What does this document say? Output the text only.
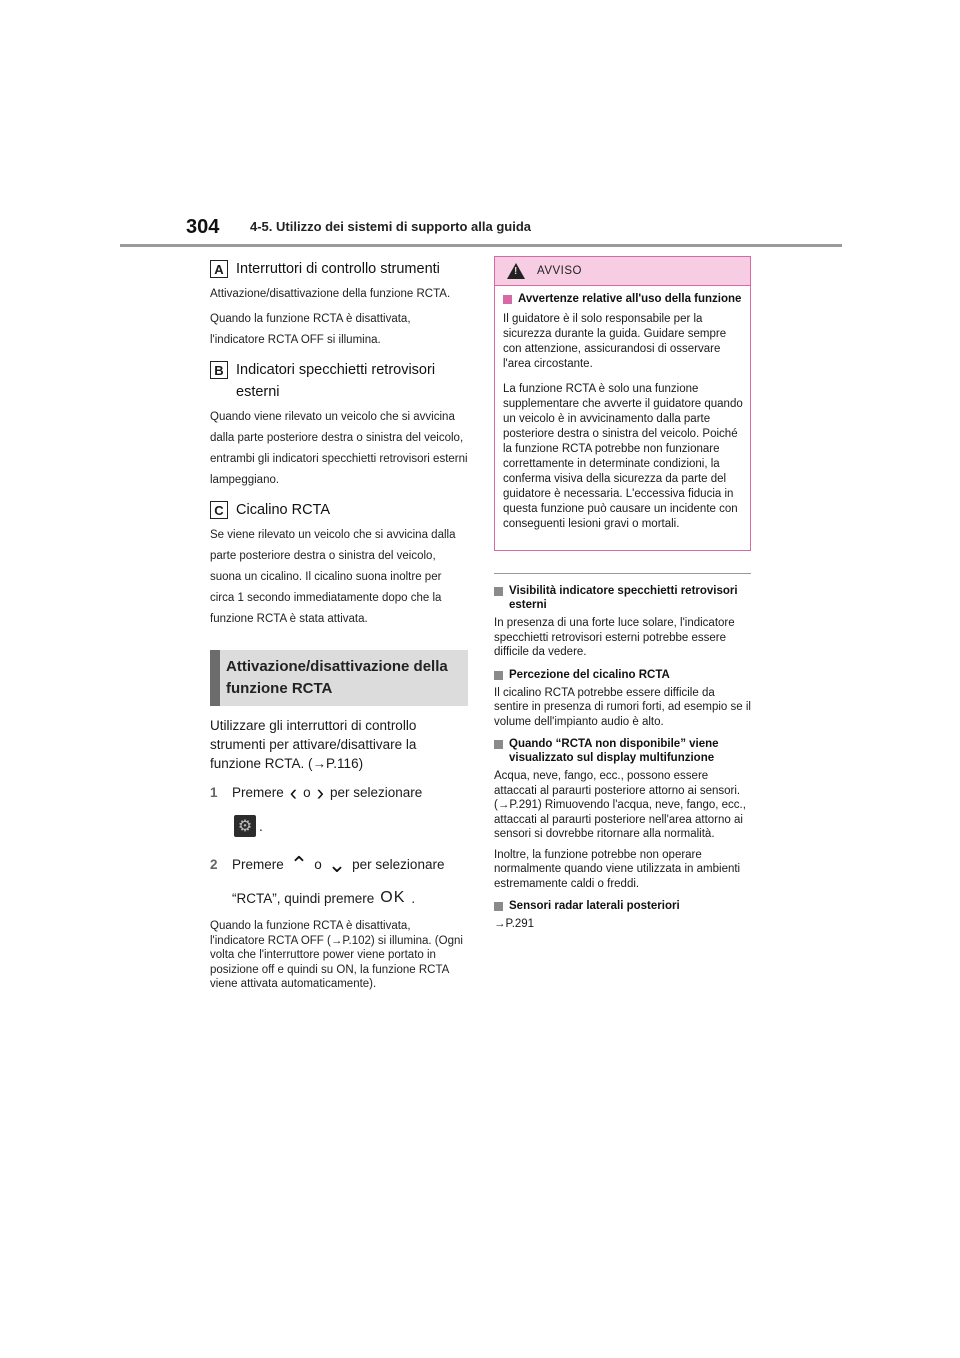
304 4-5. Utilizzo dei sistemi di supporto alla guida
A Interruttori di controllo strumenti

Attivazione/disattivazione della funzione RCTA.

Quando la funzione RCTA è disattivata, l'indicatore RCTA OFF si illumina.

B Indicatori specchietti retrovisori esterni

Quando viene rilevato un veicolo che si avvicina dalla parte posteriore destra o sinistra del veicolo, entrambi gli indicatori specchietti retrovisori esterni lampeggiano.

C Cicalino RCTA

Se viene rilevato un veicolo che si avvicina dalla parte posteriore destra o sinistra del veicolo, suona un cicalino. Il cicalino suona inoltre per circa 1 secondo immediatamente dopo che la funzione RCTA è stata attivata.

Attivazione/disattivazione della funzione RCTA
Utilizzare gli interruttori di controllo strumenti per attivare/disattivare la funzione RCTA. (→P.116)
1	Premere ‹ o › per selezionare
⚙ .
2	Premere ⌃ o ⌄ per selezionare
“RCTA”, quindi premere OK .
Quando la funzione RCTA è disattivata, l'indicatore RCTA OFF (→P.102) si illumina. (Ogni volta che l'interruttore power viene portato in posizione off e quindi su ON, la funzione RCTA viene attivata automaticamente).
! AVVISO
Avvertenze relative all'uso della funzione

Il guidatore è il solo responsabile per la sicurezza durante la guida. Guidare sempre con attenzione, assicurandosi di osservare l'area circostante.

La funzione RCTA è solo una funzione supplementare che avverte il guidatore quando un veicolo è in avvicinamento dalla parte posteriore destra o sinistra del veicolo. Poiché la funzione RCTA potrebbe non funzionare correttamente in determinate condizioni, la conferma visiva della sicurezza da parte del guidatore è necessaria. L'eccessiva fiducia in questa funzione può causare un incidente con conseguenti lesioni gravi o mortali.

Visibilità indicatore specchietti retrovisori esterni

In presenza di una forte luce solare, l'indicatore specchietti retrovisori esterni potrebbe essere difficile da vedere.

Percezione del cicalino RCTA

Il cicalino RCTA potrebbe essere difficile da sentire in presenza di rumori forti, ad esempio se il volume dell'impianto audio è alto.

Quando “RCTA non disponibile” viene visualizzato sul display multifunzione

Acqua, neve, fango, ecc., possono essere attaccati al paraurti posteriore attorno ai sensori. (→P.291) Rimuovendo l'acqua, neve, fango, ecc., attaccati al paraurti posteriore nell'area attorno ai sensori si dovrebbe ritornare alla normalità.

Inoltre, la funzione potrebbe non operare normalmente quando viene utilizzata in ambienti estremamente caldi o freddi.

Sensori radar laterali posteriori

→P.291
